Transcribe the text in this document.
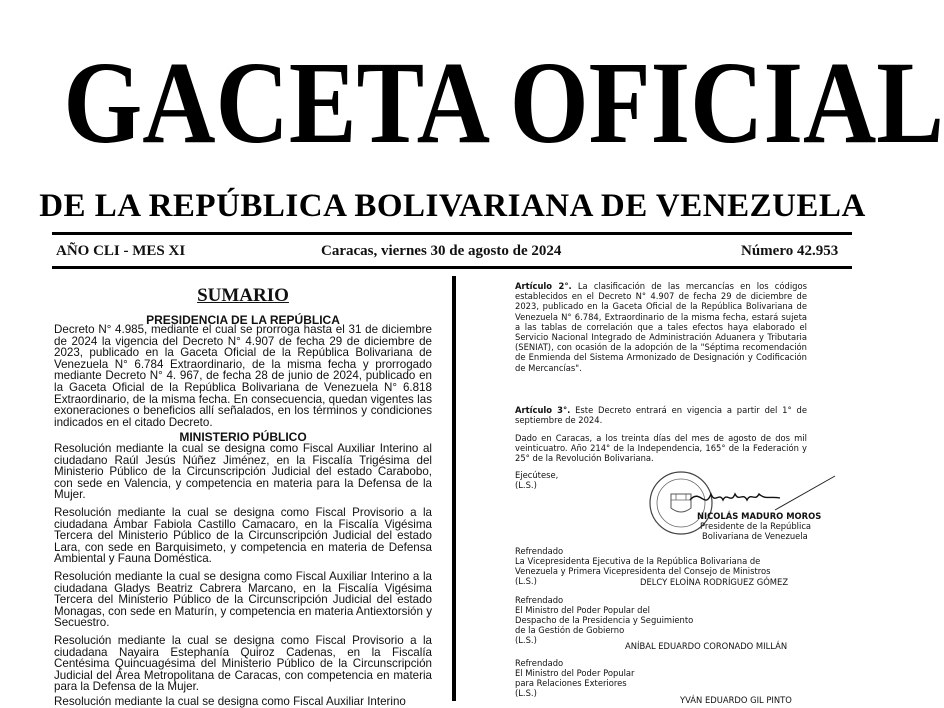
GACETA OFICIAL
DE LA REPÚBLICA BOLIVARIANA DE VENEZUELA
AÑO CLI - MES XI	Caracas, viernes 30 de agosto de 2024	Número 42.953
SUMARIO
PRESIDENCIA DE LA REPÚBLICA
Decreto N° 4.985, mediante el cual se prorroga hasta el 31 de diciembre de 2024 la vigencia del Decreto N° 4.907 de fecha 29 de diciembre de 2023, publicado en la Gaceta Oficial de la República Bolivariana de Venezuela N° 6.784 Extraordinario, de la misma fecha y prorrogado mediante Decreto N° 4. 967, de fecha 28 de junio de 2024, publicado en la Gaceta Oficial de la República Bolivariana de Venezuela N° 6.818 Extraordinario, de la misma fecha. En consecuencia, quedan vigentes las exoneraciones o beneficios allí señalados, en los términos y condiciones indicados en el citado Decreto.
MINISTERIO PÚBLICO
Resolución mediante la cual se designa como Fiscal Auxiliar Interino al ciudadano Raúl Jesús Núñez Jiménez, en la Fiscalía Trigésima del Ministerio Público de la Circunscripción Judicial del estado Carabobo, con sede en Valencia, y competencia en materia para la Defensa de la Mujer.
Resolución mediante la cual se designa como Fiscal Provisorio a la ciudadana Ámbar Fabiola Castillo Camacaro, en la Fiscalía Vigésima Tercera del Ministerio Público de la Circunscripción Judicial del estado Lara, con sede en Barquisimeto, y competencia en materia de Defensa Ambiental y Fauna Doméstica.
Resolución mediante la cual se designa como Fiscal Auxiliar Interino a la ciudadana Gladys Beatriz Cabrera Marcano, en la Fiscalía Vigésima Tercera del Ministerio Público de la Circunscripción Judicial del estado Monagas, con sede en Maturín, y competencia en materia Antiextorsión y Secuestro.
Resolución mediante la cual se designa como Fiscal Provisorio a la ciudadana Nayaira Estephanía Quiroz Cadenas, en la Fiscalía Centésima Quincuagésima del Ministerio Público de la Circunscripción Judicial del Área Metropolitana de Caracas, con competencia en materia para la Defensa de la Mujer.
Resolución mediante la cual se designa como Fiscal Auxiliar Interino
Artículo 2°. La clasificación de las mercancías en los códigos establecidos en el Decreto N° 4.907 de fecha 29 de diciembre de 2023, publicado en la Gaceta Oficial de la República Bolivariana de Venezuela N° 6.784, Extraordinario de la misma fecha, estará sujeta a las tablas de correlación que a tales efectos haya elaborado el Servicio Nacional Integrado de Administración Aduanera y Tributaria (SENIAT), con ocasión de la adopción de la "Séptima recomendación de Enmienda del Sistema Armonizado de Designación y Codificación de Mercancías".
Artículo 3°. Este Decreto entrará en vigencia a partir del 1° de septiembre de 2024.
Dado en Caracas, a los treinta días del mes de agosto de dos mil veinticuatro. Año 214° de la Independencia, 165° de la Federación y 25° de la Revolución Bolivariana.
Ejecútese,
(L.S.)
NICOLÁS MADURO MOROS
Presidente de la República
Bolivariana de Venezuela
Refrendado
La Vicepresidenta Ejecutiva de la República Bolivariana de
Venezuela y Primera Vicepresidenta del Consejo de Ministros
(L.S.)	DELCY ELOÍNA RODRÍGUEZ GÓMEZ
Refrendado
El Ministro del Poder Popular del
Despacho de la Presidencia y Seguimiento
de la Gestión de Gobierno
(L.S.)
ANÍBAL EDUARDO CORONADO MILLÁN
Refrendado
El Ministro del Poder Popular
para Relaciones Exteriores
(L.S.)
YVÁN EDUARDO GIL PINTO
